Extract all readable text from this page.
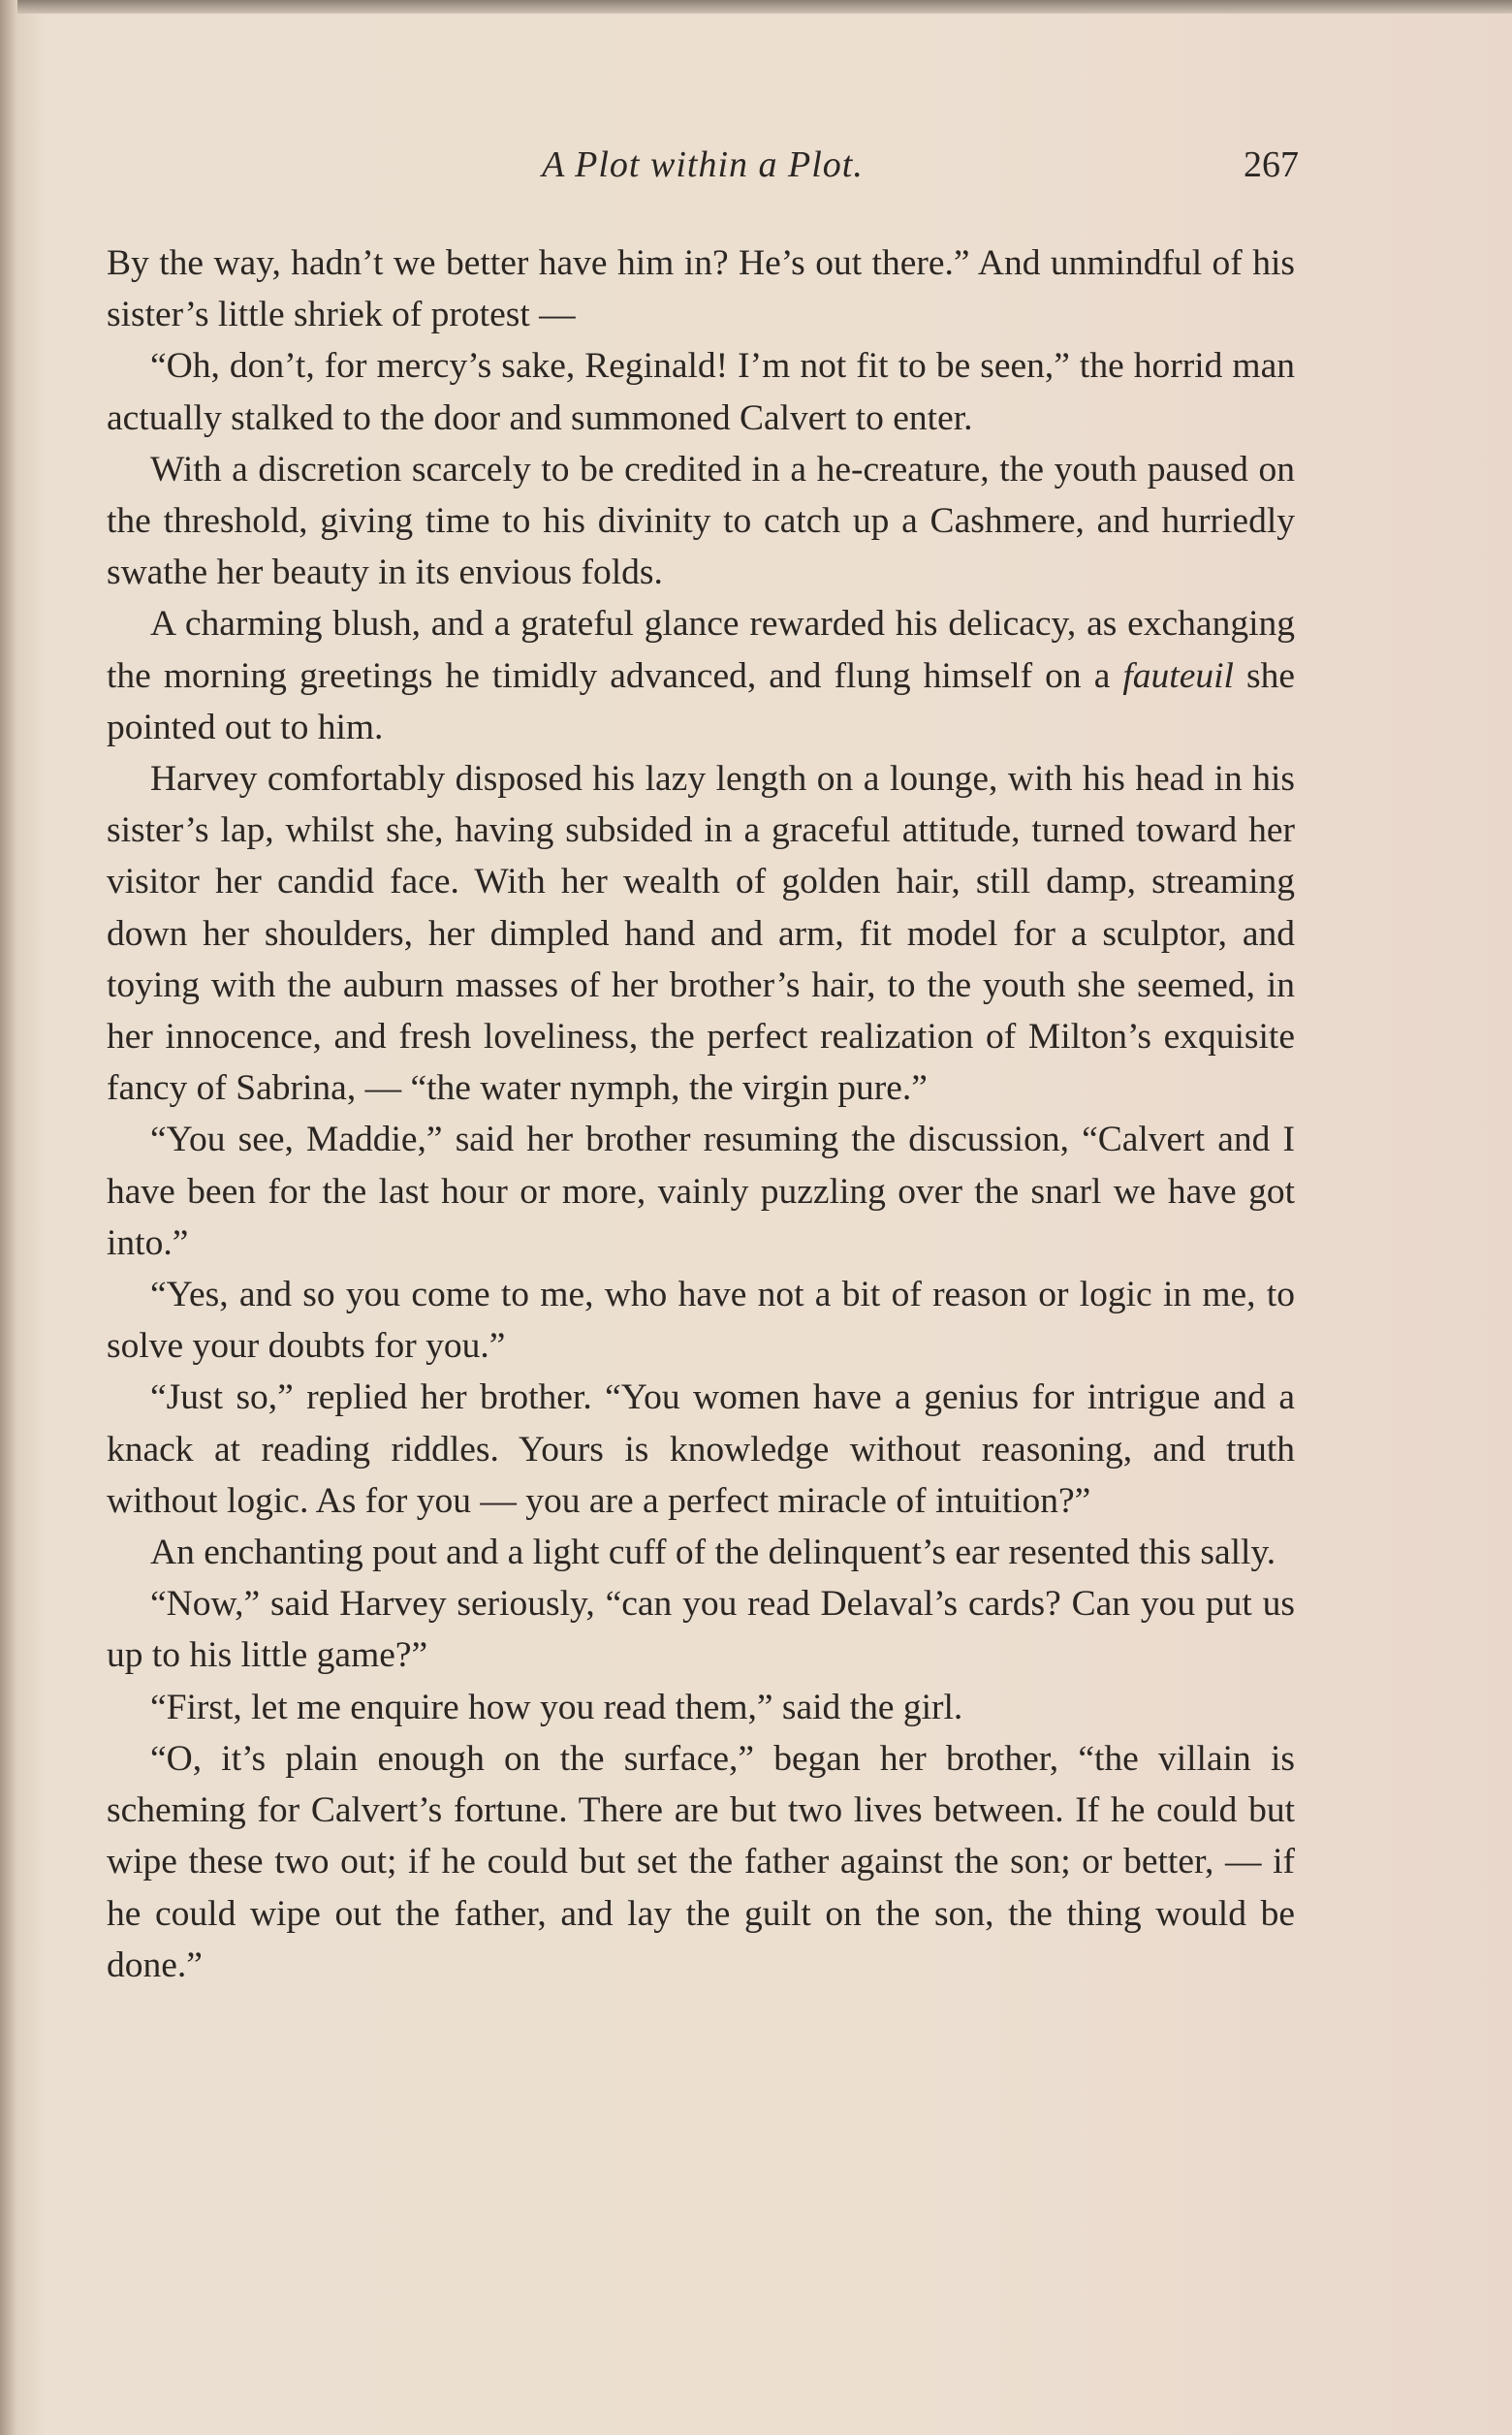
A Plot within a Plot.	267

By the way, hadn’t we better have him in? He’s out there.” And unmindful of his sister’s little shriek of protest —

“Oh, don’t, for mercy’s sake, Reginald! I’m not fit to be seen,” the horrid man actually stalked to the door and summoned Calvert to enter.

With a discretion scarcely to be credited in a he-creature, the youth paused on the threshold, giving time to his divinity to catch up a Cashmere, and hurriedly swathe her beauty in its envious folds.

A charming blush, and a grateful glance rewarded his delicacy, as exchanging the morning greetings he timidly advanced, and flung himself on a fauteuil she pointed out to him.

Harvey comfortably disposed his lazy length on a lounge, with his head in his sister’s lap, whilst she, having subsided in a graceful attitude, turned toward her visitor her candid face. With her wealth of golden hair, still damp, streaming down her shoulders, her dimpled hand and arm, fit model for a sculptor, and toying with the auburn masses of her brother’s hair, to the youth she seemed, in her innocence, and fresh loveliness, the perfect realization of Milton’s exquisite fancy of Sabrina, — “the water nymph, the virgin pure.”

“You see, Maddie,” said her brother resuming the discussion, “Calvert and I have been for the last hour or more, vainly puzzling over the snarl we have got into.”

“Yes, and so you come to me, who have not a bit of reason or logic in me, to solve your doubts for you.”

“Just so,” replied her brother. “You women have a genius for intrigue and a knack at reading riddles. Yours is knowledge without reasoning, and truth without logic. As for you — you are a perfect miracle of intuition?”

An enchanting pout and a light cuff of the delinquent’s ear resented this sally.

“Now,” said Harvey seriously, “can you read Delaval’s cards? Can you put us up to his little game?”

“First, let me enquire how you read them,” said the girl.

“O, it’s plain enough on the surface,” began her brother, “the villain is scheming for Calvert’s fortune. There are but two lives between. If he could but wipe these two out; if he could but set the father against the son; or better, — if he could wipe out the father, and lay the guilt on the son, the thing would be done.”
